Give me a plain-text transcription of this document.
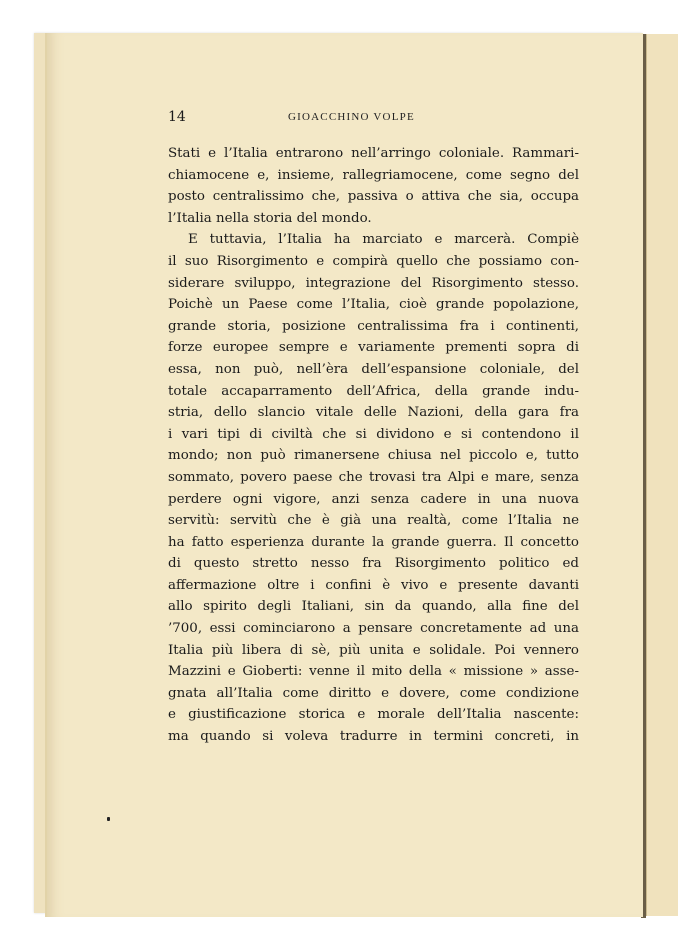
14	GIOACCHINO VOLPE
Stati e l’Italia entrarono nell’arringo coloniale. Rammari-
chiamocene e, insieme, rallegriamocene, come segno del
posto centralissimo che, passiva o attiva che sia, occupa
l’Italia nella storia del mondo.
E tuttavia, l’Italia ha marciato e marcerà. Compiè
il suo Risorgimento e compirà quello che possiamo con-
siderare sviluppo, integrazione del Risorgimento stesso.
Poichè un Paese come l’Italia, cioè grande popolazione,
grande storia, posizione centralissima fra i continenti,
forze europee sempre e variamente prementi sopra di
essa, non può, nell’èra dell’espansione coloniale, del
totale accaparramento dell’Africa, della grande indu-
stria, dello slancio vitale delle Nazioni, della gara fra
i vari tipi di civiltà che si dividono e si contendono il
mondo; non può rimanersene chiusa nel piccolo e, tutto
sommato, povero paese che trovasi tra Alpi e mare, senza
perdere ogni vigore, anzi senza cadere in una nuova
servitù: servitù che è già una realtà, come l’Italia ne
ha fatto esperienza durante la grande guerra. Il concetto
di questo stretto nesso fra Risorgimento politico ed
affermazione oltre i confini è vivo e presente davanti
allo spirito degli Italiani, sin da quando, alla fine del
’700, essi cominciarono a pensare concretamente ad una
Italia più libera di sè, più unita e solidale. Poi vennero
Mazzini e Gioberti: venne il mito della « missione » asse-
gnata all’Italia come diritto e dovere, come condizione
e giustificazione storica e morale dell’Italia nascente:
ma quando si voleva tradurre in termini concreti, in
